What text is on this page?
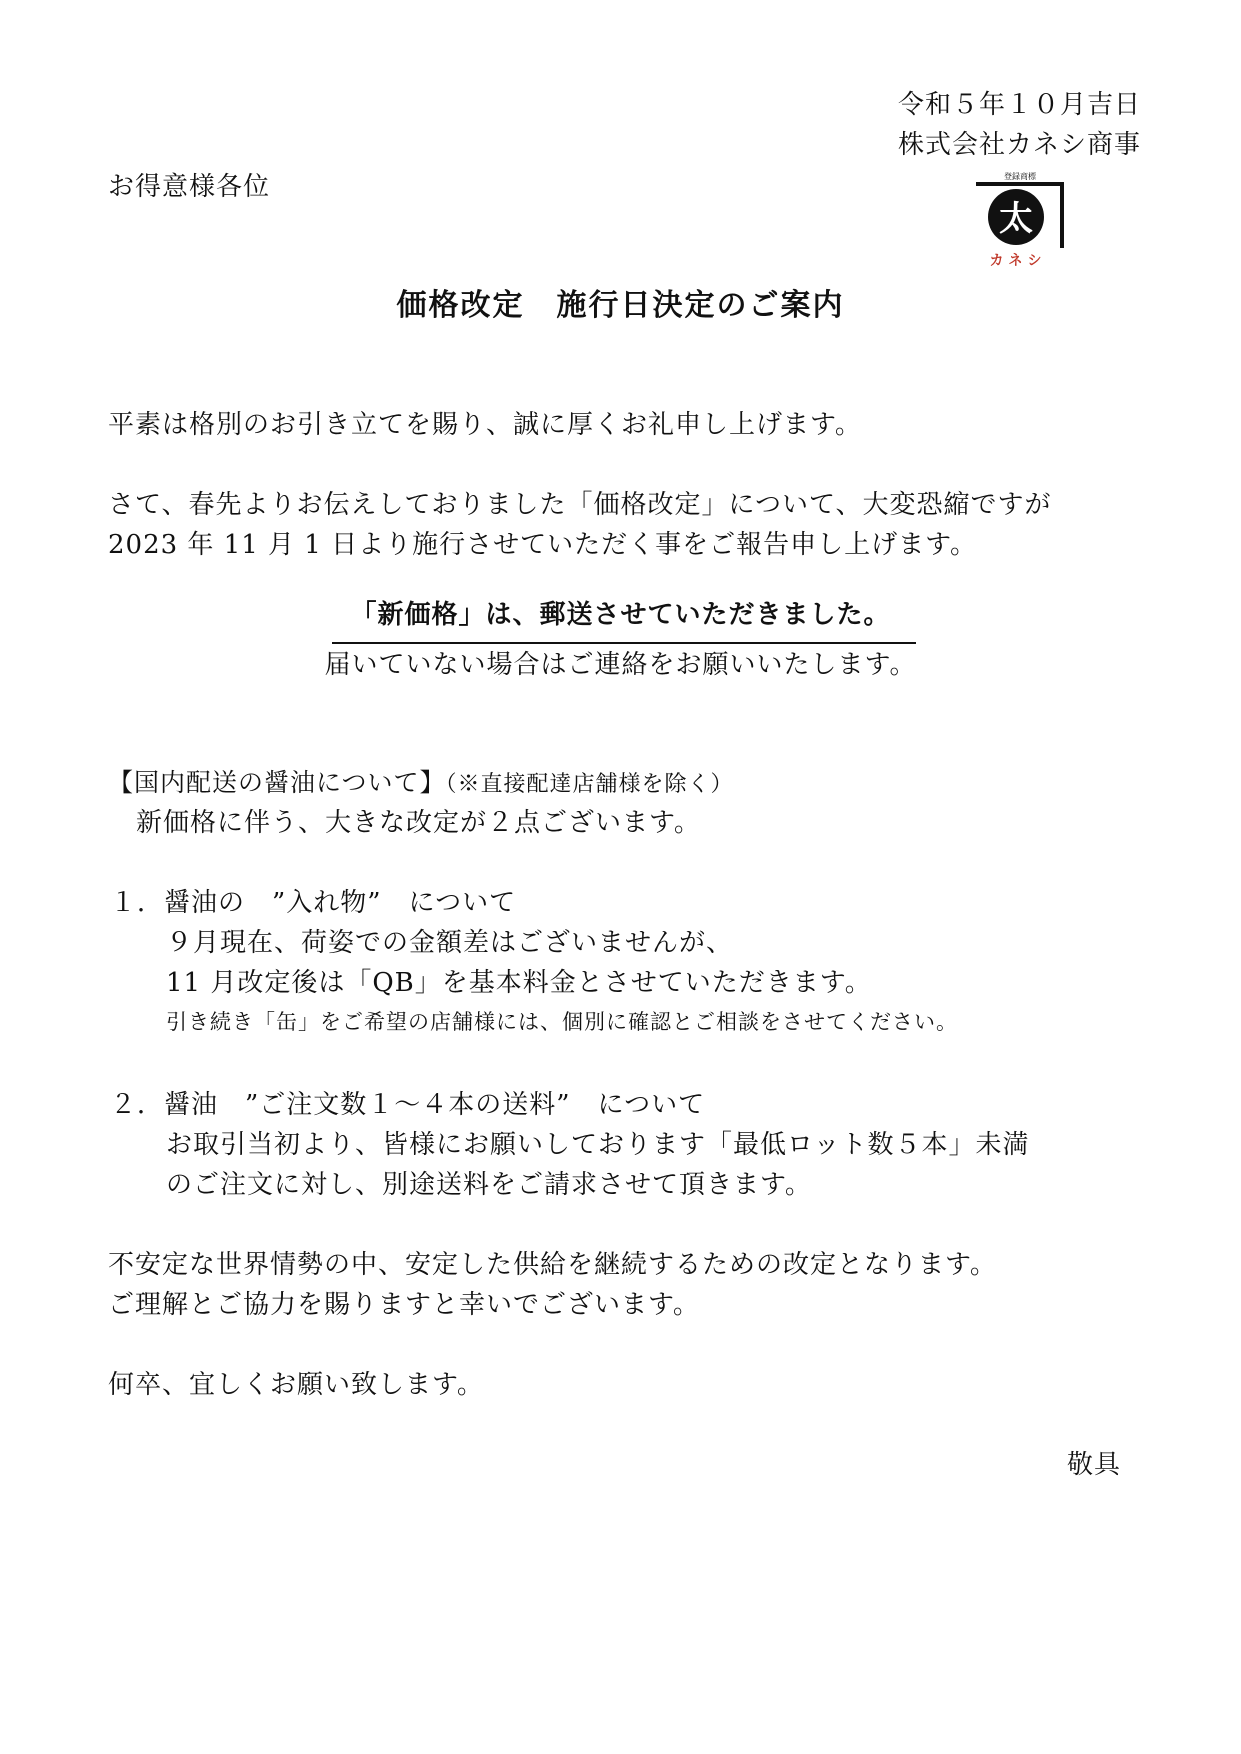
令和５年１０月吉日
株式会社カネシ商事
お得意様各位	登録商標
太
カネシ
価格改定　施行日決定のご案内
平素は格別のお引き立てを賜り、誠に厚くお礼申し上げます。
さて、春先よりお伝えしておりました「価格改定」について、大変恐縮ですが
2023 年 11 月 1 日より施行させていただく事をご報告申し上げます。
「新価格」は、郵送させていただきました。
届いていない場合はご連絡をお願いいたします。
【国内配送の醤油について】（※直接配達店舗様を除く）
新価格に伴う、大きな改定が２点ございます。
１．醤油の　”入れ物”　について
９月現在、荷姿での金額差はございませんが、
11 月改定後は「QB」を基本料金とさせていただきます。
引き続き「缶」をご希望の店舗様には、個別に確認とご相談をさせてください。
２．醤油　”ご注文数１～４本の送料”　について
お取引当初より、皆様にお願いしております「最低ロット数５本」未満
のご注文に対し、別途送料をご請求させて頂きます。
不安定な世界情勢の中、安定した供給を継続するための改定となります。
ご理解とご協力を賜りますと幸いでございます。
何卒、宜しくお願い致します。
敬具
